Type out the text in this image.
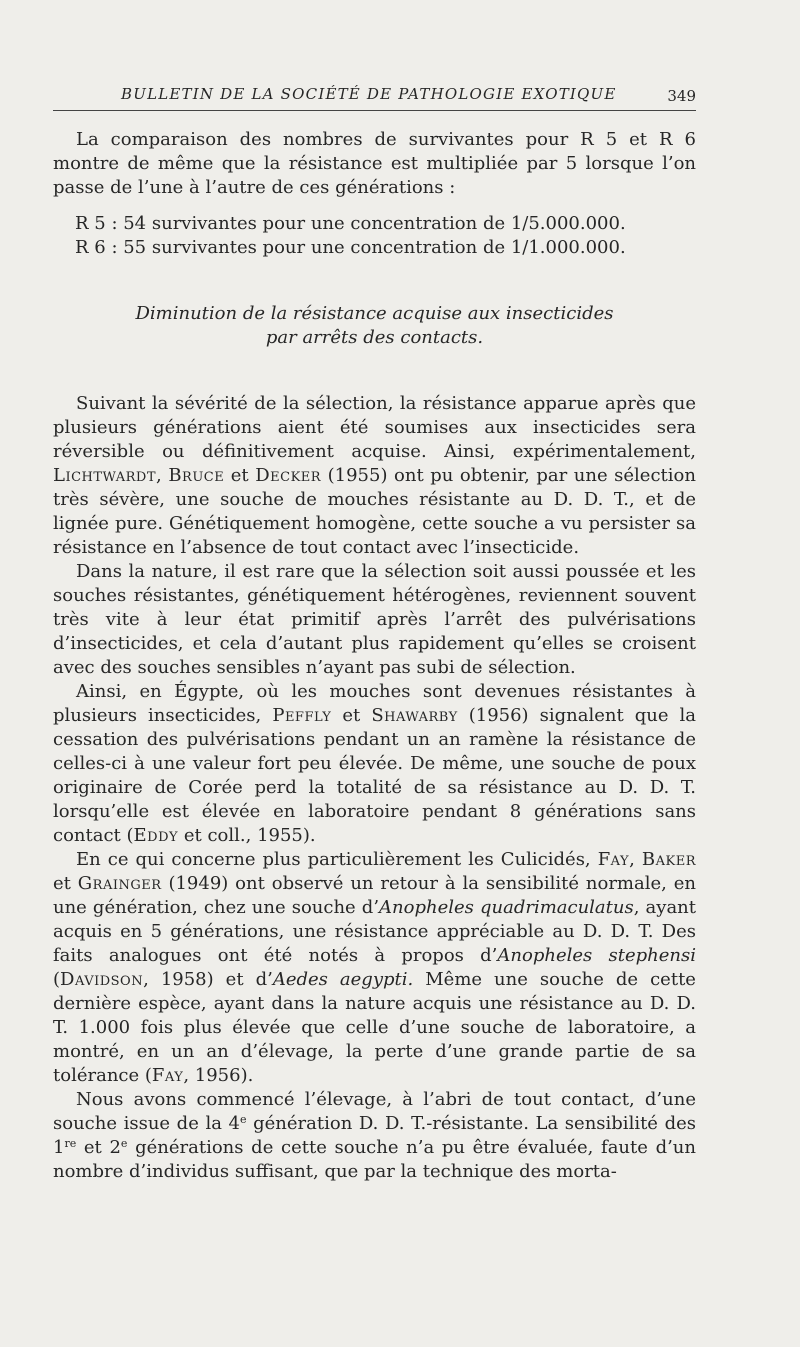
BULLETIN DE LA SOCIÉTÉ DE PATHOLOGIE EXOTIQUE	349

La comparaison des nombres de survivantes pour R 5 et R 6 montre de même que la résistance est multipliée par 5 lorsque l’on passe de l’une à l’autre de ces générations :

R 5 : 54 survivantes pour une concentration de 1/5.000.000.
R 6 : 55 survivantes pour une concentration de 1/1.000.000.
Diminution de la résistance acquise aux insecticides
par arrêts des contacts.

Suivant la sévérité de la sélection, la résistance apparue après que plusieurs générations aient été soumises aux insecticides sera réversible ou définitivement acquise. Ainsi, expérimentalement, Lichtwardt, Bruce et Decker (1955) ont pu obtenir, par une sélection très sévère, une souche de mouches résistante au D. D. T., et de lignée pure. Génétiquement homogène, cette souche a vu persister sa résistance en l’absence de tout contact avec l’insecticide.

Dans la nature, il est rare que la sélection soit aussi poussée et les souches résistantes, génétiquement hétérogènes, reviennent souvent très vite à leur état primitif après l’arrêt des pulvérisations d’insecticides, et cela d’autant plus rapidement qu’elles se croisent avec des souches sensibles n’ayant pas subi de sélection.

Ainsi, en Égypte, où les mouches sont devenues résistantes à plusieurs insecticides, Peffly et Shawarby (1956) signalent que la cessation des pulvérisations pendant un an ramène la résistance de celles-ci à une valeur fort peu élevée. De même, une souche de poux originaire de Corée perd la totalité de sa résistance au D. D. T. lorsqu’elle est élevée en laboratoire pendant 8 générations sans contact (Eddy et coll., 1955).

En ce qui concerne plus particulièrement les Culicidés, Fay, Baker et Grainger (1949) ont observé un retour à la sensibilité normale, en une génération, chez une souche d’Anopheles quadrimaculatus, ayant acquis en 5 générations, une résistance appréciable au D. D. T. Des faits analogues ont été notés à propos d’Anopheles stephensi (Davidson, 1958) et d’Aedes aegypti. Même une souche de cette dernière espèce, ayant dans la nature acquis une résistance au D. D. T. 1.000 fois plus élevée que celle d’une souche de laboratoire, a montré, en un an d’élevage, la perte d’une grande partie de sa tolérance (Fay, 1956).

Nous avons commencé l’élevage, à l’abri de tout contact, d’une souche issue de la 4e génération D. D. T.-résistante. La sensibilité des 1re et 2e générations de cette souche n’a pu être évaluée, faute d’un nombre d’individus suffisant, que par la technique des morta-
